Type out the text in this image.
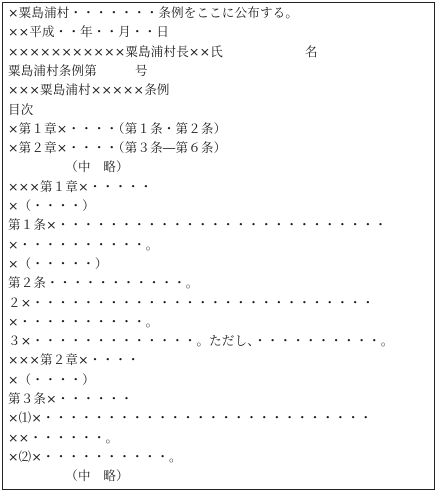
×粟島浦村・・・・・・・条例をここに公布する。
××平成・・年・・月・・日
×××××××××××粟島浦村長××氏	名
粟島浦村条例第　　　号
×××粟島浦村×××××条例
目次
×第１章×・・・・（第１条・第２条）
×第２章×・・・・（第３条―第６条）
　　　　　（中　略）
×××第１章×・・・・・
×（・・・・）
第１条×・・・・・・・・・・・・・・・・・・・・・・・・・・
×・・・・・・・・・・。
×（・・・・・）
第２条・・・・・・・・・・・。
２×・・・・・・・・・・・・・・・・・・・・・・・・・・・
×・・・・・・・・・・。
３×・・・・・・・・・・・・・。ただし、・・・・・・・・・・。
×××第２章×・・・・
×（・・・・）
第３条×・・・・・・
×⑴×・・・・・・・・・・・・・・・・・・・・・・・・・・
××・・・・・・。
×⑵×・・・・・・・・・・。
　　　　　（中　略）
